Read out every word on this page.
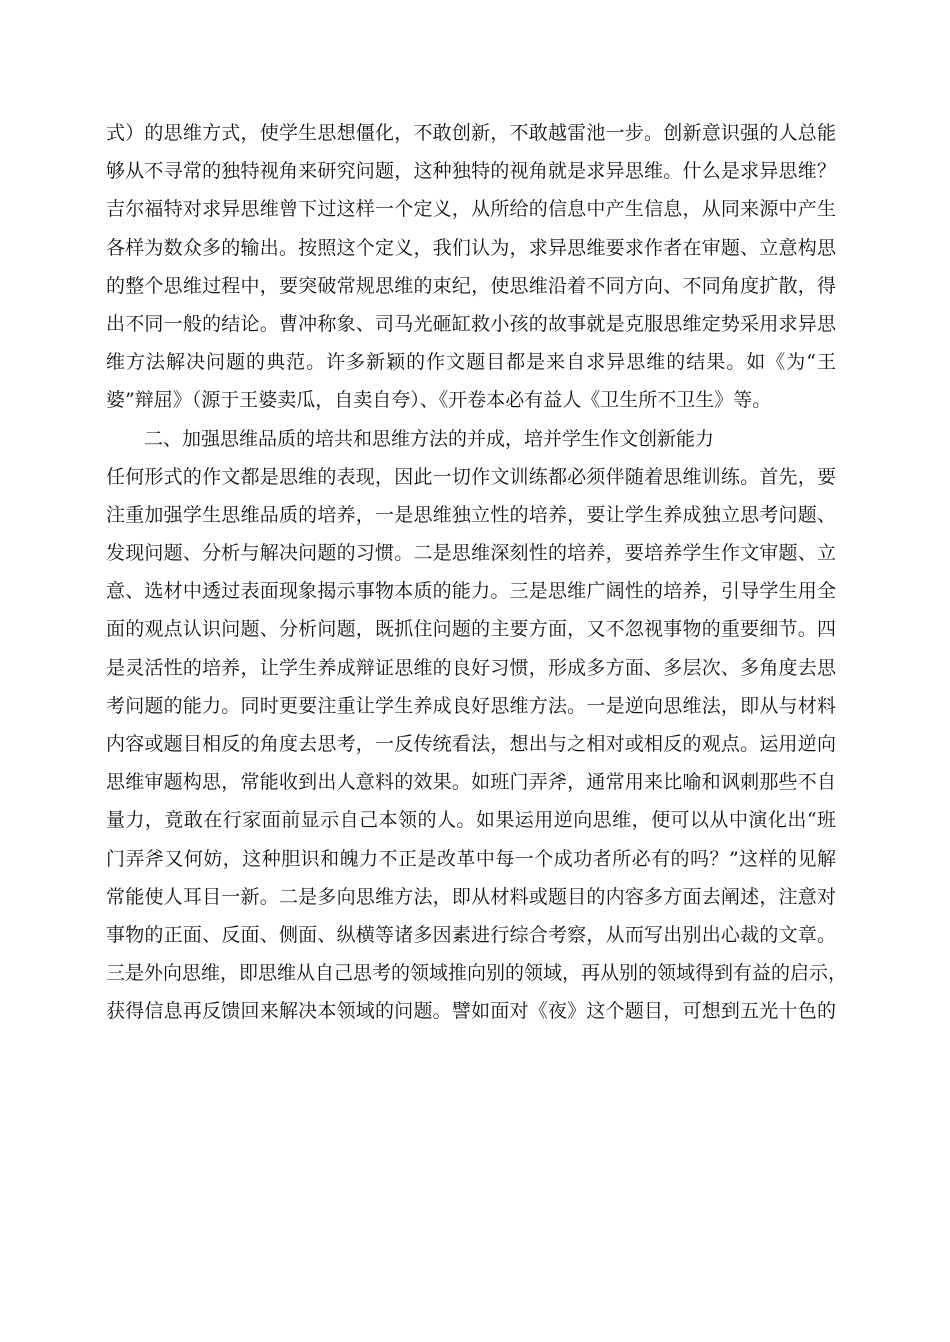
式）的思维方式，使学生思想僵化，不敢创新，不敢越雷池一步。创新意识强的人总能
够从不寻常的独特视角来研究问题，这种独特的视角就是求异思维。什么是求异思维？
吉尔福特对求异思维曾下过这样一个定义，从所给的信息中产生信息，从同来源中产生
各样为数众多的输出。按照这个定义，我们认为，求异思维要求作者在审题、立意构思
的整个思维过程中，要突破常规思维的束纪，使思维沿着不同方向、不同角度扩散，得
出不同一般的结论。曹冲称象、司马光砸缸救小孩的故事就是克服思维定势采用求异思
维方法解决问题的典范。许多新颖的作文题目都是来自求异思维的结果。如《为“王
婆”辩屈》（源于王婆卖瓜，自卖自夸）、《开卷本必有益人《卫生所不卫生》等。
二、加强思维品质的培共和思维方法的并成，培并学生作文创新能力
任何形式的作文都是思维的表现，因此一切作文训练都必须伴随着思维训练。首先，要
注重加强学生思维品质的培养，一是思维独立性的培养，要让学生养成独立思考问题、
发现问题、分析与解决问题的习惯。二是思维深刻性的培养，要培养学生作文审题、立
意、选材中透过表面现象揭示事物本质的能力。三是思维广阔性的培养，引导学生用全
面的观点认识问题、分析问题，既抓住问题的主要方面，又不忽视事物的重要细节。四
是灵活性的培养，让学生养成辩证思维的良好习惯，形成多方面、多层次、多角度去思
考问题的能力。同时更要注重让学生养成良好思维方法。一是逆向思维法，即从与材料
内容或题目相反的角度去思考，一反传统看法，想出与之相对或相反的观点。运用逆向
思维审题构思，常能收到出人意料的效果。如班门弄斧，通常用来比喻和讽刺那些不自
量力，竟敢在行家面前显示自己本领的人。如果运用逆向思维，便可以从中演化出“班
门弄斧又何妨，这种胆识和魄力不正是改革中每一个成功者所必有的吗？”这样的见解
常能使人耳目一新。二是多向思维方法，即从材料或题目的内容多方面去阐述，注意对
事物的正面、反面、侧面、纵横等诸多因素进行综合考察，从而写出别出心裁的文章。
三是外向思维，即思维从自己思考的领域推向别的领域，再从别的领域得到有益的启示，
获得信息再反馈回来解决本领域的问题。譬如面对《夜》这个题目，可想到五光十色的
